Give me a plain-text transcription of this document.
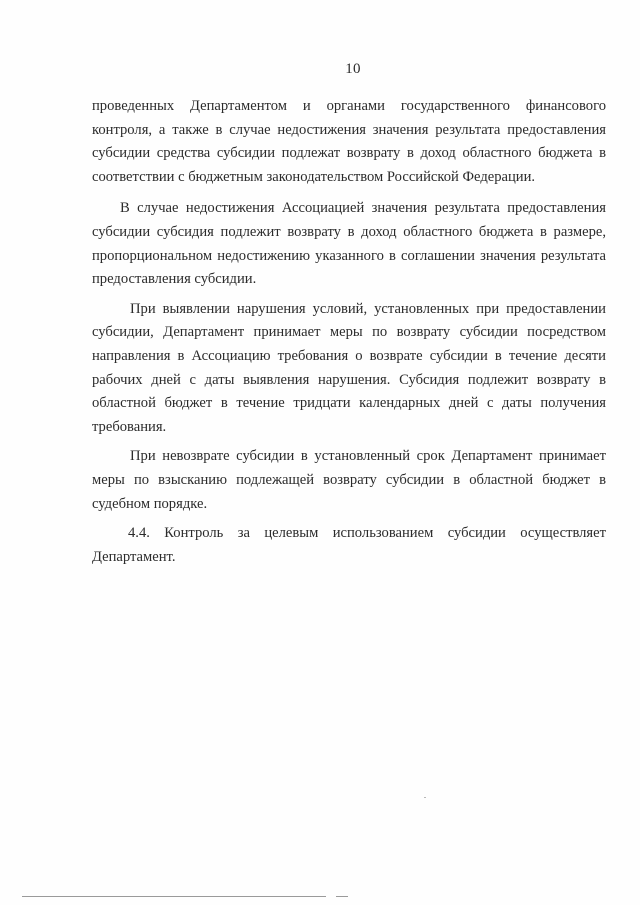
10

проведенных Департаментом и органами государственного финансового контроля, а также в случае недостижения значения результата предоставления субсидии средства субсидии подлежат возврату в доход областного бюджета в соответствии с бюджетным законодательством Российской Федерации.

В случае недостижения Ассоциацией значения результата предоставления субсидии субсидия подлежит возврату в доход областного бюджета в размере, пропорциональном недостижению указанного в соглашении значения результата предоставления субсидии.

При выявлении нарушения условий, установленных при предоставлении субсидии, Департамент принимает меры по возврату субсидии посредством направления в Ассоциацию требования о возврате субсидии в течение десяти рабочих дней с даты выявления нарушения. Субсидия подлежит возврату в областной бюджет в течение тридцати календарных дней с даты получения требования.

При невозврате субсидии в установленный срок Департамент принимает меры по взысканию подлежащей возврату субсидии в областной бюджет в судебном порядке.

4.4. Контроль за целевым использованием субсидии осуществляет Департамент.
